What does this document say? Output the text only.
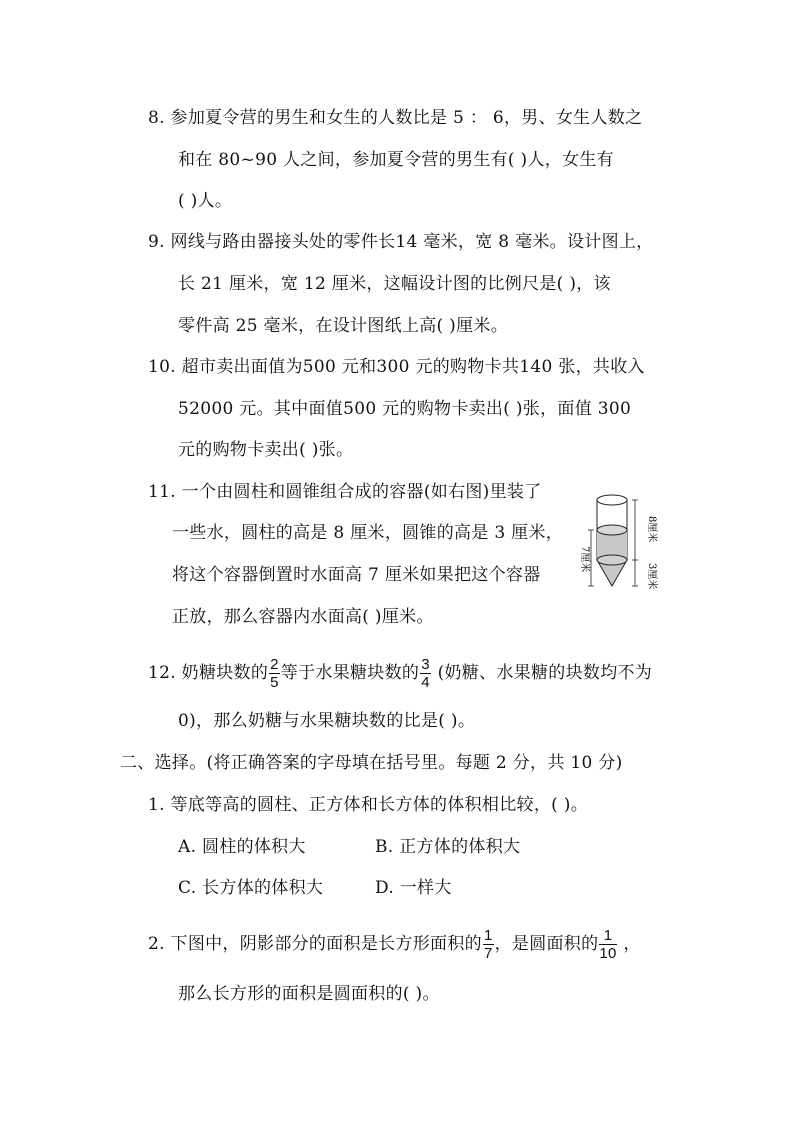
8. 参加夏令营的男生和女生的人数比是 5 ： 6，男、女生人数之
和在 80~90 人之间，参加夏令营的男生有( )人，女生有
( )人。
9. 网线与路由器接头处的零件长14 毫米，宽 8 毫米。设计图上，
长 21 厘米，宽 12 厘米，这幅设计图的比例尺是( )，该
零件高 25 毫米，在设计图纸上高( )厘米。
10. 超市卖出面值为500 元和300 元的购物卡共140 张，共收入
52000 元。其中面值500 元的购物卡卖出( )张，面值 300
元的购物卡卖出( )张。
11. 一个由圆柱和圆锥组合成的容器(如右图)里装了
一些水，圆柱的高是 8 厘米，圆锥的高是 3 厘米，
将这个容器倒置时水面高 7 厘米如果把这个容器
正放，那么容器内水面高( )厘米。
7厘米
8厘米
3厘米
12. 奶糖块数的 $\frac{2}{5}$ 等于水果糖块数的 $\frac{3}{4}$ (奶糖、水果糖的块数均不为
0)，那么奶糖与水果糖块数的比是( )。
二、选择。(将正确答案的字母填在括号里。每题 2 分，共 10 分)
1. 等底等高的圆柱、正方体和长方体的体积相比较，( )。
A. 圆柱的体积大	B. 正方体的体积大
C. 长方体的体积大	D. 一样大
2. 下图中，阴影部分的面积是长方形面积的 $\frac{1}{7}$ ，是圆面积的 $\frac{1}{10}$ ，
那么长方形的面积是圆面积的( )。
